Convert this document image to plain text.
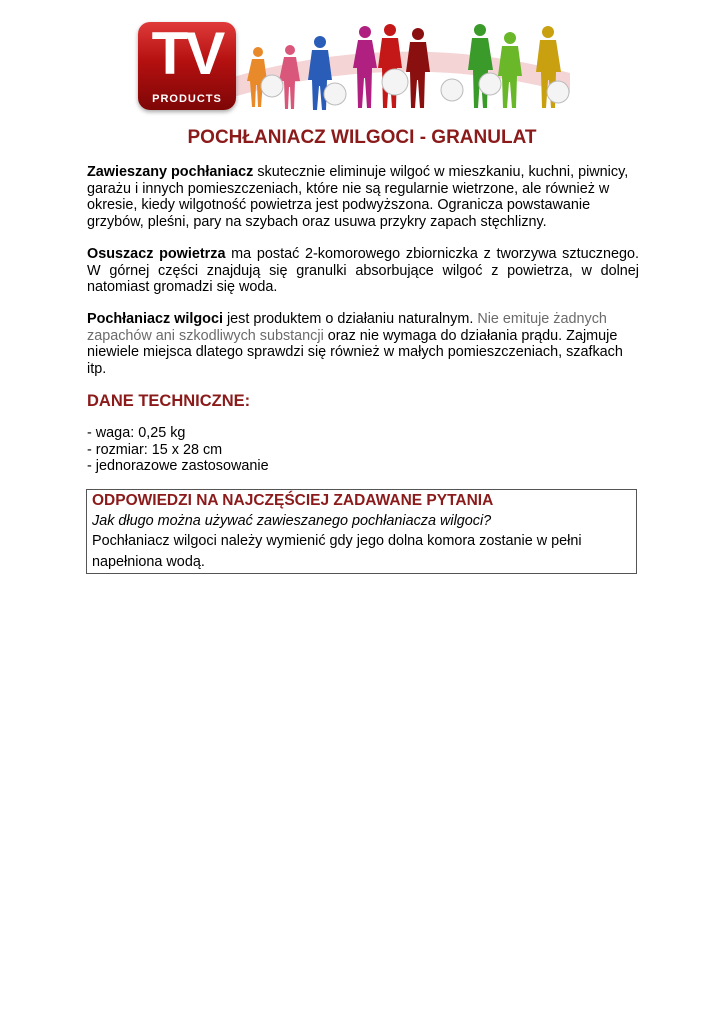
TV
PRODUCTS
POCHŁANIACZ WILGOCI - GRANULAT

Zawieszany pochłaniacz skutecznie eliminuje wilgoć w mieszkaniu, kuchni, piwnicy, garażu i innych pomieszczeniach, które nie są regularnie wietrzone, ale również w okresie, kiedy wilgotność powietrza jest podwyższona. Ogranicza powstawanie grzybów, pleśni, pary na szybach oraz usuwa przykry zapach stęchlizny.

Osuszacz powietrza ma postać 2-komorowego zbiorniczka z tworzywa sztucznego. W górnej części znajdują się granulki absorbujące wilgoć z powietrza, w dolnej natomiast gromadzi się woda.

Pochłaniacz wilgoci jest produktem o działaniu naturalnym. Nie emituje żadnych zapachów ani szkodliwych substancji oraz nie wymaga do działania prądu. Zajmuje niewiele miejsca dlatego sprawdzi się również w małych pomieszczeniach, szafkach itp.

DANE TECHNICZNE:
- waga: 0,25 kg
- rozmiar: 15 x 28 cm
- jednorazowe zastosowanie

ODPOWIEDZI NA NAJCZĘŚCIEJ ZADAWANE PYTANIA

Jak długo można używać zawieszanego pochłaniacza wilgoci?

Pochłaniacz wilgoci należy wymienić gdy jego dolna komora zostanie w pełni napełniona wodą.
